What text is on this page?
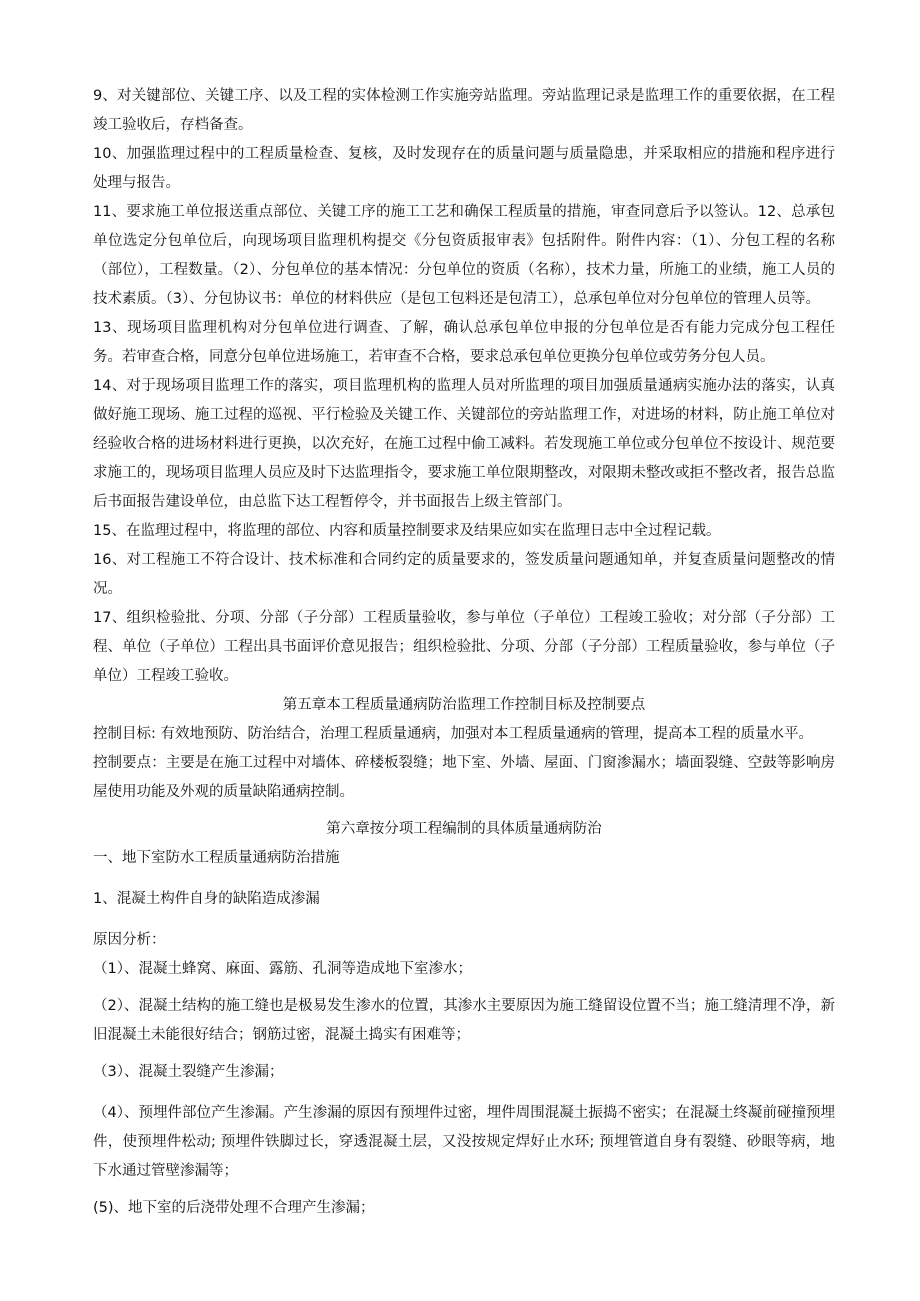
9、对关键部位、关键工序、以及工程的实体检测工作实施旁站监理。旁站监理记录是监理工作的重要依据，在工程竣工验收后，存档备查。

10、加强监理过程中的工程质量检查、复核，及时发现存在的质量问题与质量隐患，并采取相应的措施和程序进行处理与报告。

11、要求施工单位报送重点部位、关键工序的施工工艺和确保工程质量的措施，审查同意后予以签认。12、总承包单位选定分包单位后，向现场项目监理机构提交《分包资质报审表》包括附件。附件内容：（1）、分包工程的名称（部位），工程数量。（2）、分包单位的基本情况：分包单位的资质（名称），技术力量，所施工的业绩，施工人员的技术素质。（3）、分包协议书：单位的材料供应（是包工包料还是包清工），总承包单位对分包单位的管理人员等。

13、现场项目监理机构对分包单位进行调查、了解，确认总承包单位申报的分包单位是否有能力完成分包工程任务。若审查合格，同意分包单位进场施工，若审查不合格，要求总承包单位更换分包单位或劳务分包人员。

14、对于现场项目监理工作的落实，项目监理机构的监理人员对所监理的项目加强质量通病实施办法的落实，认真做好施工现场、施工过程的巡视、平行检验及关键工作、关键部位的旁站监理工作，对进场的材料，防止施工单位对经验收合格的进场材料进行更换，以次充好，在施工过程中偷工减料。若发现施工单位或分包单位不按设计、规范要求施工的，现场项目监理人员应及时下达监理指令，要求施工单位限期整改，对限期未整改或拒不整改者，报告总监后书面报告建设单位，由总监下达工程暂停令，并书面报告上级主管部门。

15、在监理过程中，将监理的部位、内容和质量控制要求及结果应如实在监理日志中全过程记载。

16、对工程施工不符合设计、技术标准和合同约定的质量要求的，签发质量问题通知单，并复查质量问题整改的情况。

17、组织检验批、分项、分部（子分部）工程质量验收，参与单位（子单位）工程竣工验收；对分部（子分部）工程、单位（子单位）工程出具书面评价意见报告；组织检验批、分项、分部（子分部）工程质量验收，参与单位（子单位）工程竣工验收。

第五章本工程质量通病防治监理工作控制目标及控制要点

控制目标: 有效地预防、防治结合，治理工程质量通病，加强对本工程质量通病的管理，提高本工程的质量水平。

控制要点：主要是在施工过程中对墙体、碎楼板裂缝；地下室、外墙、屋面、门窗渗漏水；墙面裂缝、空鼓等影响房屋使用功能及外观的质量缺陷通病控制。

第六章按分项工程编制的具体质量通病防治

一、地下室防水工程质量通病防治措施

1、混凝土构件自身的缺陷造成渗漏

原因分析：

（1）、混凝土蜂窝、麻面、露筋、孔洞等造成地下室渗水；

（2）、混凝土结构的施工缝也是极易发生渗水的位置，其渗水主要原因为施工缝留设位置不当；施工缝清理不净，新旧混凝土未能很好结合；钢筋过密，混凝土捣实有困难等；

（3）、混凝土裂缝产生渗漏；

（4）、预埋件部位产生渗漏。产生渗漏的原因有预埋件过密，埋件周围混凝土振捣不密实；在混凝土终凝前碰撞预埋件，使预埋件松动; 预埋件铁脚过长，穿透混凝土层，又没按规定焊好止水环; 预埋管道自身有裂缝、砂眼等病，地下水通过管壁渗漏等；

(5)、地下室的后浇带处理不合理产生渗漏；
